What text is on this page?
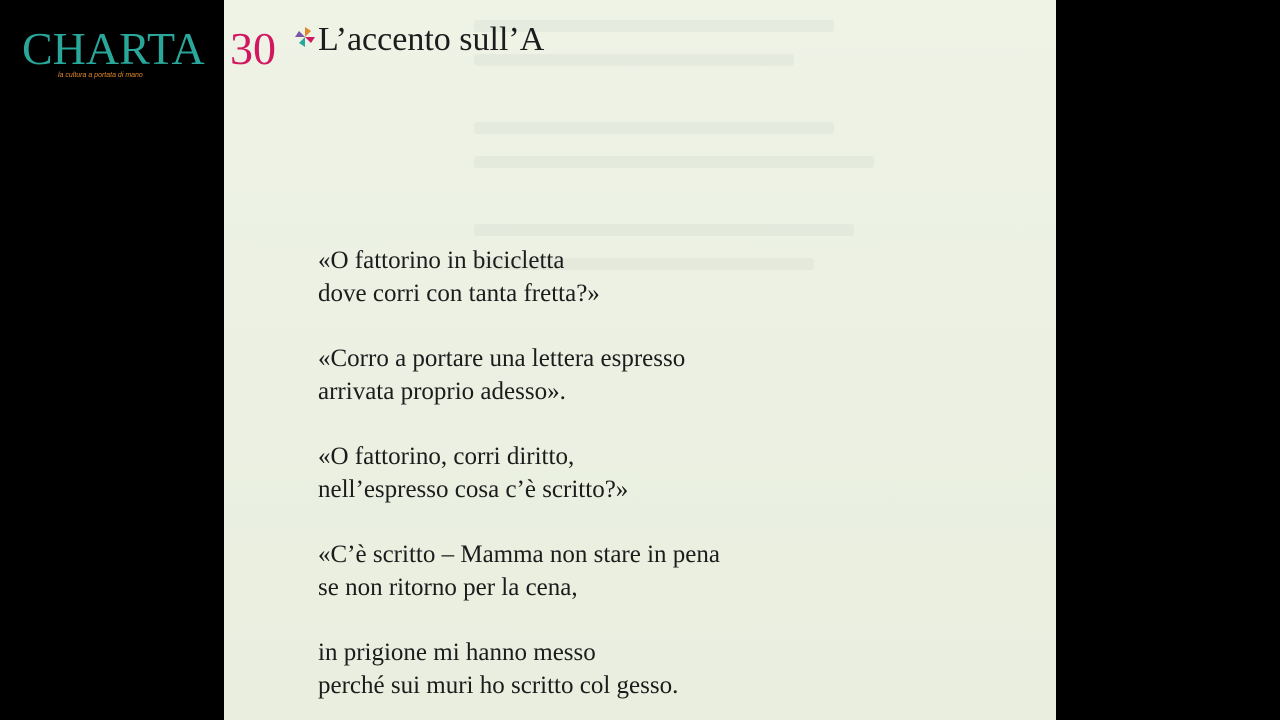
CHARTA 30
la cultura a portata di mano
L’accento sull’A
«O fattorino in bicicletta
dove corri con tanta fretta?»
«Corro a portare una lettera espresso
arrivata proprio adesso».
«O fattorino, corri diritto,
nell’espresso cosa c’è scritto?»
«C’è scritto – Mamma non stare in pena
se non ritorno per la cena,
in prigione mi hanno messo
perché sui muri ho scritto col gesso.
